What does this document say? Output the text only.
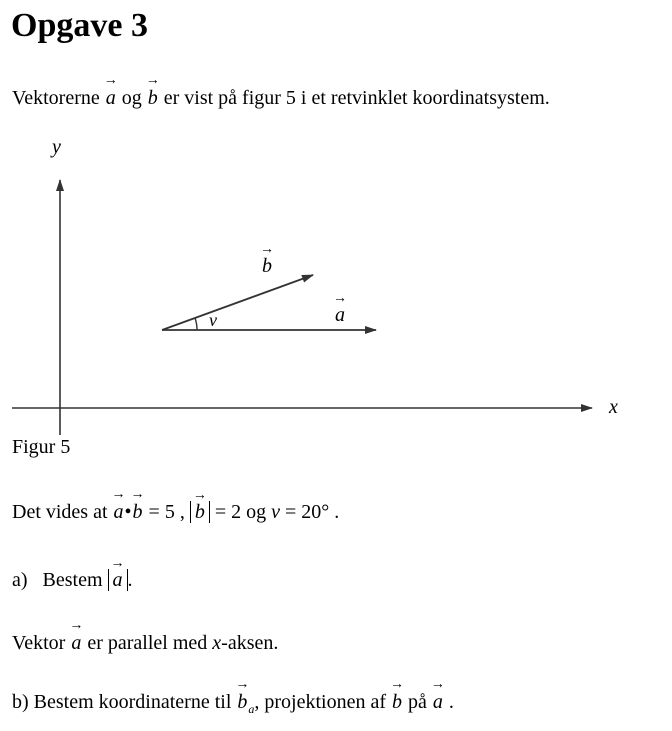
Opgave 3
Vektorerne → a og → b er vist på figur 5 i et retvinklet koordinatsystem.
y
x
→ b
→ a
v
Figur 5
Det vides at → a•→ b = 5 , → b = 2 og v = 20° .
a) Bestem → a .
Vektor → a er parallel med x-aksen.
b) Bestem koordinaterne til → $b_a$, projektionen af → b på → a .
